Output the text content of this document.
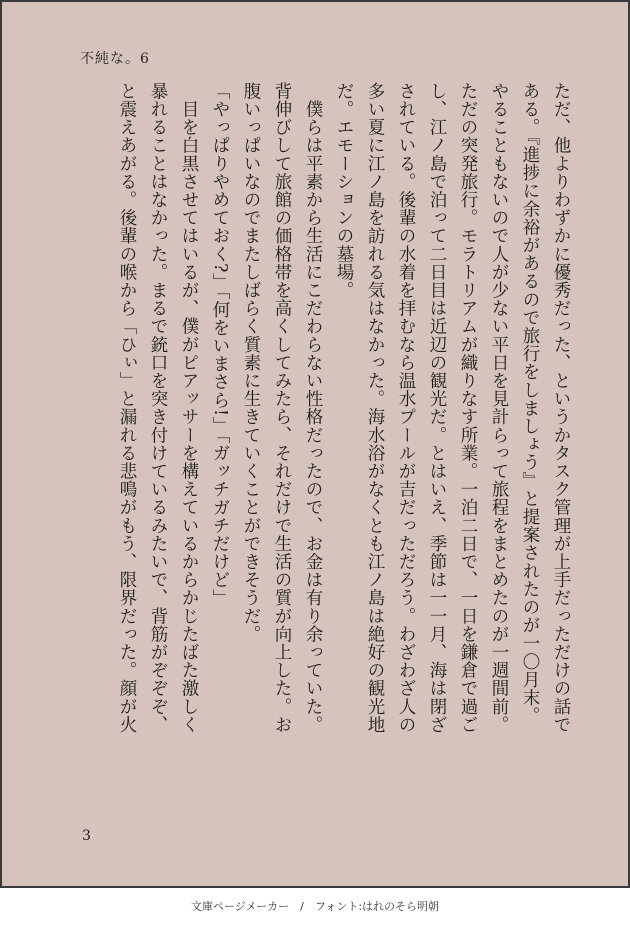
不純な。6

ただ、他よりわずかに優秀だった、というかタスク管理が上手だっただけの話で

ある。『進捗に余裕があるので旅行をしましょう』と提案されたのが一〇月末。

やることもないので人が少ない平日を見計らって旅程をまとめたのが一週間前。

ただの突発旅行。モラトリアムが織りなす所業。一泊二日で、一日を鎌倉で過ご

し、江ノ島で泊って二日目は近辺の観光だ。とはいえ、季節は一一月、海は閉ざ

されている。後輩の水着を拝むなら温水プールが吉だっただろう。わざわざ人の

多い夏に江ノ島を訪れる気はなかった。海水浴がなくとも江ノ島は絶好の観光地

だ。エモーションの墓場。

　僕らは平素から生活にこだわらない性格だったので、お金は有り余っていた。

背伸びして旅館の価格帯を高くしてみたら、それだけで生活の質が向上した。お

腹いっぱいなのでまたしばらく質素に生きていくことができそうだ。

「やっぱりやめておく?」「何をいまさら!」「ガッチガチだけど」

　目を白黒させてはいるが、僕がピアッサーを構えているからかじたばた激しく

暴れることはなかった。まるで銃口を突き付けているみたいで、背筋がぞぞぞ、

と震えあがる。後輩の喉から「ひぃ」と漏れる悲鳴がもう、限界だった。顔が火

3
文庫ページメーカー　/　フォント:はれのそら明朝
